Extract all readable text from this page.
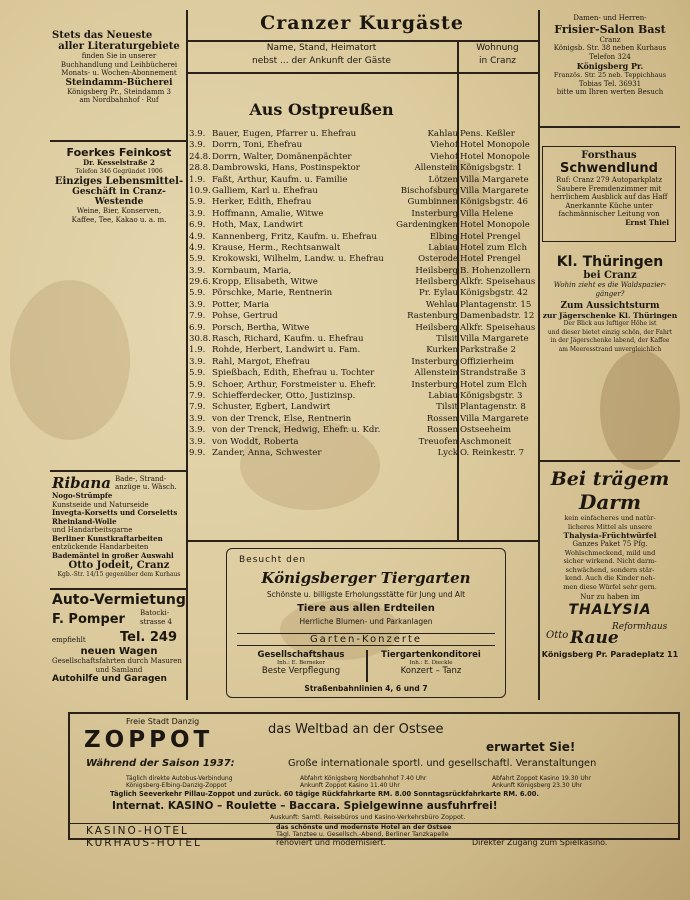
Cranzer Kurgäste
Name, Stand, Heimatort
nebst ... der Ankunft der Gäste
Wohnung
in Cranz
Aus Ostpreußen
3.9. Bauer, Eugen, Pfarrer u. Ehefrau	Kahlau Pens. Keßler
3.9. Dorrn, Toni, Ehefrau	Viehof Hotel Monopole
24.8. Dorrn, Walter, Domänenpächter	Viehof Hotel Monopole
28.8. Dambrowski, Hans, Postinspektor	Allenstein Königsbgstr. 1
1.9. Faßt, Arthur, Kaufm. u. Familie	Lötzen Villa Margarete
10.9. Galliem, Karl u. Ehefrau	Bischofsburg Villa Margarete
5.9. Herker, Edith, Ehefrau	Gumbinnen Königsbgstr. 46
3.9. Hoffmann, Amalie, Witwe	Insterburg Villa Helene
6.9. Hoth, Max, Landwirt	Gardeningken Hotel Monopole
4.9. Kannenberg, Fritz, Kaufm. u. Ehefrau	Elbing Hotel Prengel
4.9. Krause, Herm., Rechtsanwalt	Labiau Hotel zum Elch
5.9. Krokowski, Wilhelm, Landw. u. Ehefrau	Osterode Hotel Prengel
3.9. Kornbaum, Maria,	Heilsberg B. Hohenzollern
29.6. Kropp, Elisabeth, Witwe	Heilsberg Alkfr. Speisehaus
5.9. Pörschke, Marie, Rentnerin	Pr. Eylau Königsbgstr. 42
3.9. Potter, Maria	Wehlau Plantagenstr. 15
7.9. Pohse, Gertrud	Rastenburg Damenbadstr. 12
6.9. Porsch, Bertha, Witwe	Heilsberg Alkfr. Speisehaus
30.8. Rasch, Richard, Kaufm. u. Ehefrau	Tilsit Villa Margarete
1.9. Rohde, Herbert, Landwirt u. Fam.	Kurken Parkstraße 2
3.9. Rahl, Margot, Ehefrau	Insterburg Offizierheim
5.9. Spießbach, Edith, Ehefrau u. Tochter	Allenstein Strandstraße 3
5.9. Schoer, Arthur, Forstmeister u. Ehefr.	Insterburg Hotel zum Elch
7.9. Schiefferdecker, Otto, Justizinsp.	Labiau Königsbgstr. 3
7.9. Schuster, Egbert, Landwirt	Tilsit Plantagenstr. 8
3.9. von der Trenck, Else, Rentnerin	Rossen Villa Margarete
3.9. von der Trenck, Hedwig, Ehefr. u. Kdr.	Rossen Ostseeheim
3.9. von Woddt, Roberta	Treuofen Aschmoneit
9.9. Zander, Anna, Schwester	Lyck O. Reinkestr. 7
Stets das Neueste
aller Literaturgebiete
finden Sie in unserer
Buchhandlung und Leihbücherei
Monats- u. Wochen-Abonnement
Steindamm-Bücherei
Königsberg Pr., Steindamm 3
am Nordbahnhof · Ruf
Foerkes Feinkost
Dr. Kesselstraße 2
Telefon 346 Gegründet 1906
Einziges Lebensmittel-
Geschäft in Cranz-Westende
Weine, Bier, Konserven,
Kaffee, Tee, Kakao u. a. m.
Ribana Bade-, Strand-
anzüge u. Wäsch.
Nogo-Strümpfe
Kunstseide und Naturseide
Invegta-Korsetts und Corseletts
Rheinland-Wolle
und Handarbeitsgarne
Berliner Kunstkraftarbeiten
entzückende Handarbeiten
Bademäntel in großer Auswahl
Otto Jodeit, Cranz
Kgb.-Str. 14/15 gegenüber dem Kurhaus
Auto-Vermietung
F. Pomper Batocki-
strasse 4
empfiehlt	Tel. 249
neuen Wagen
Gesellschaftsfahrten durch Masuren
und Samland
Autohilfe und Garagen
Damen- und Herren-
Frisier-Salon Bast
Cranz
Königsb. Str. 38 neben Kurhaus
Telefon 324
Königsberg Pr.
Französ. Str. 25 neb. Teppichhaus
Tobias Tel. 36931
bitte um Ihren werten Besuch
Forsthaus
Schwendlund
Ruf: Cranz 279 Autoparkplatz
Saubere Fremdenzimmer mit
herrlichem Ausblick auf das Haff
Anerkannte Küche unter
fachmännischer Leitung von
Ernst Thiel
Kl. Thüringen
bei Cranz
Wohin zieht es die Waldspazier-
gänger?
Zum Aussichtsturm
zur Jägerschenke Kl. Thüringen
Der Blick aus luftiger Höhe ist
und dieser bietet einzig schön, der Fahrt
in der Jägerschenke labend, der Kaffee
am Meeresstrand unvergleichlich
Bei trägem
Darm
kein einfacheres und natür-
licheres Mittel als unsere
Thalysia-Früchtwürfel
Ganzes Paket 75 Pfg.
Wohlschmeckend, mild und
sicher wirkend. Nicht darm-
schwächend, sondern stär-
kend. Auch die Kinder neh-
men diese Würfel sehr gern.
Nur zu haben im
THALYSIA
Otto
Reformhaus
Raue
Königsberg Pr. Paradeplatz 11
Besucht den
Königsberger Tiergarten
Schönste u. billigste Erholungsstätte für Jung und Alt
Tiere aus allen Erdteilen
Herrliche Blumen- und Parkanlagen
Garten-Konzerte
Gesellschaftshaus
Inh.: E. Berneker
Beste Verpflegung
Tiergartenkonditorei
Inh.: E. Dieckle
Konzert – Tanz
Straßenbahnlinien 4, 6 und 7
Freie Stadt Danzig
ZOPPOT	das Weltbad an der Ostsee
erwartet Sie!
Während der Saison 1937:	Große internationale sportl. und gesellschaftl. Veranstaltungen
Täglich direkte Autobus-Verbindung
Königsberg-Elbing-Danzig-Zoppot
Abfahrt Königsberg Nordbahnhof 7.40 Uhr
Ankunft Zoppot Kasino 11.40 Uhr
Abfahrt Zoppot Kasino 19.30 Uhr
Ankunft Königsberg 23.30 Uhr
Täglich Seeverkehr Pillau-Zoppot und zurück. 60 tägige Rückfahrkarte RM. 8.00 Sonntagsrückfahrkarte RM. 6.00.
Internat. KASINO – Roulette – Baccara. Spielgewinne ausfuhrfrei!
Auskunft: Samtl. Reisebüros und Kasino-Verkehrsbüro Zoppot.
KASINO-HOTEL
KURHAUS-HOTEL
das schönste und modernste Hotel an der Ostsee
Tägl. Tanztee u. Gesellsch.-Abend, Berliner Tanzkapelle
renoviert und modernisiert.	Direkter Zugang zum Spielkasino.
